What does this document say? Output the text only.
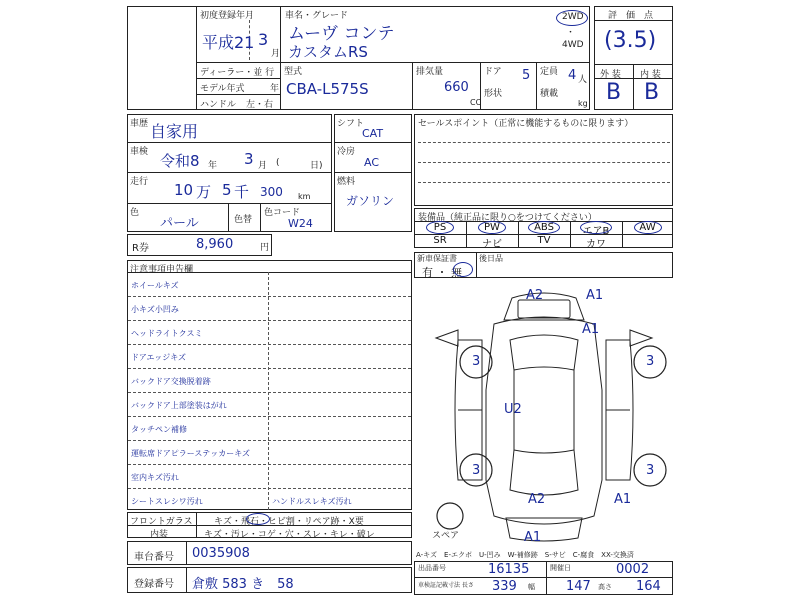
初度登録年月
平成21 3
月
車名・グレード
ムーヴ コンテ
カスタムRS
2WD
・
4WD
ディーラー・並 行
モデル年式	年
ハンドル 左・右
型式
CBA-L575S
排気量
660
CC
ドア 5
形状
定員 4 人
積載
kg
評　価　点
(3.5)
外 装 内 装
B B
車歴 自家用
車検 令和8 年 3 月 (	日)
走行 10 万 5 千 300 km
色
パール	色替
色コード
W24
R券	8,960	円
シフト
CAT
冷房
AC
燃料
ガソリン
セールスポイント（正常に機能するものに限ります）
装備品（純正品に限り○をつけてください）
PS	PW	ABS	エアB	AW
SR	ナビ	TV	カワ
新車保証書
有 ・ 無
後日品
注意事項申告欄
ホイールキズ
小キズ小凹み
ヘッドライトクスミ
ドアエッジキズ
バックドア交換脱着跡
バックドア上部塗装はがれ
タッチペン補修
運転席ドアピラーステッカーキズ
室内キズ汚れ
シートスレシワ汚れ	ハンドルスレキズ汚れ
フロントガラス キズ・飛石・ヒビ割・リペア跡・X要
内装	キズ・汚レ・コゲ・穴・スレ・キレ・破レ
車台番号 0035908
登録番号 倉敷 583 き　58
A-キズ　E-エクボ　U-凹み　W-補修跡　S-サビ　C-腐食　XX-交換済
出品番号	16135	開催日	0002
車検証記載寸法 長さ 339 幅 147 高さ 164
スペア
A2	A1
A1
3	3
U2
3	3
A2	A1
A1
